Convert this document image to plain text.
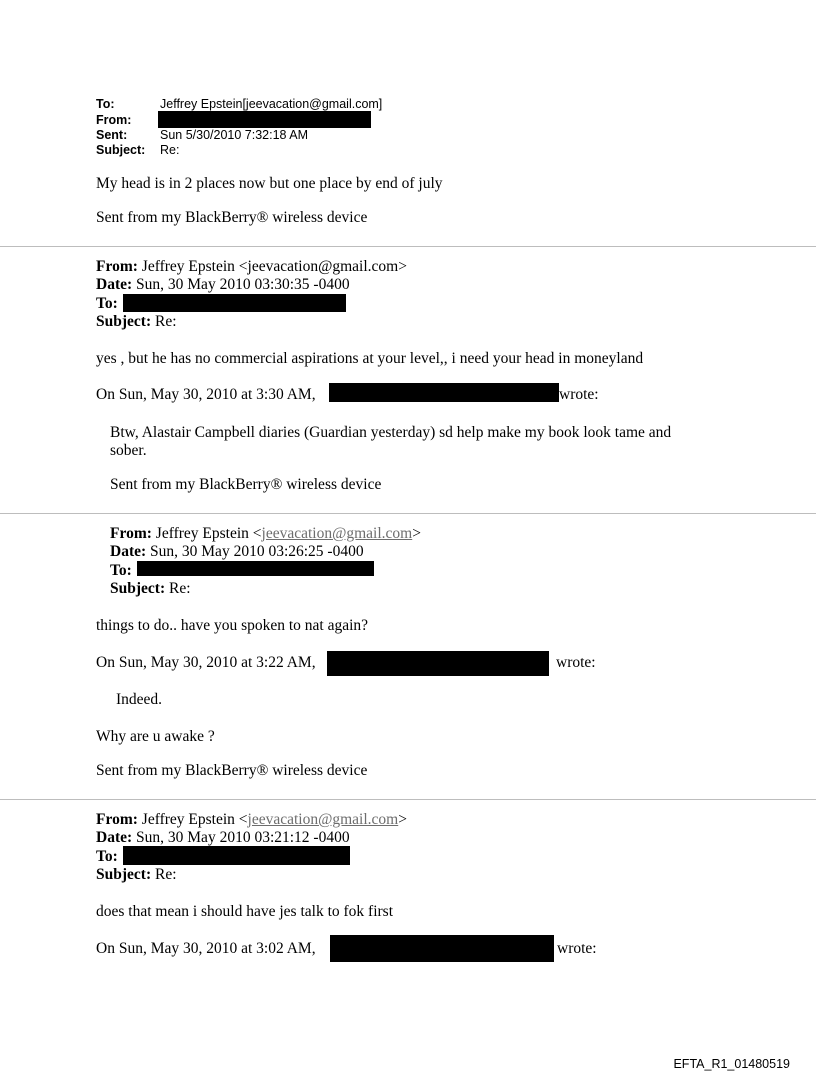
To:	Jeffrey Epstein[jeevacation@gmail.com]
From:
Sent:	Sun 5/30/2010 7:32:18 AM
Subject: Re:
My head is in 2 places now but one place by end of july
Sent from my BlackBerry® wireless device
From: Jeffrey Epstein <jeevacation@gmail.com>
Date: Sun, 30 May 2010 03:30:35 -0400
To:
Subject: Re:
yes , but he has no commercial aspirations at your level,, i need your head in moneyland
On Sun, May 30, 2010 at 3:30 AM,	wrote:
Btw, Alastair Campbell diaries (Guardian yesterday) sd help make my book look tame and
sober.
Sent from my BlackBerry® wireless device
From: Jeffrey Epstein <jeevacation@gmail.com>
Date: Sun, 30 May 2010 03:26:25 -0400
To:
Subject: Re:
things to do.. have you spoken to nat again?
On Sun, May 30, 2010 at 3:22 AM,	wrote:
Indeed.
Why are u awake ?
Sent from my BlackBerry® wireless device
From: Jeffrey Epstein <jeevacation@gmail.com>
Date: Sun, 30 May 2010 03:21:12 -0400
To:
Subject: Re:
does that mean i should have jes talk to fok first
On Sun, May 30, 2010 at 3:02 AM,	wrote:
EFTA_R1_01480519
